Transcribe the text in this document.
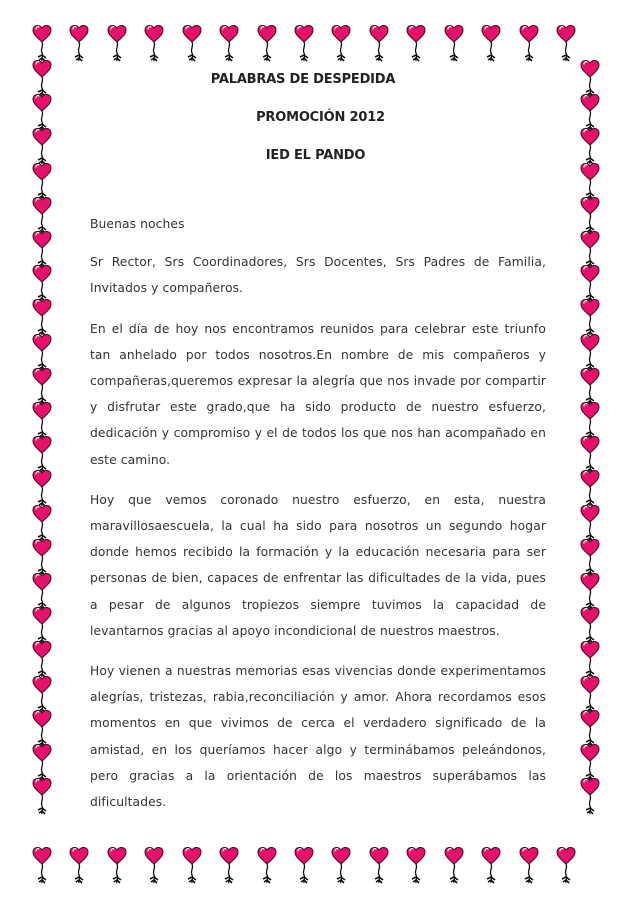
PALABRAS DE DESPEDIDA
PROMOCIÓN 2012
IED EL PANDO

Buenas noches

Sr Rector, Srs Coordinadores, Srs Docentes, Srs Padres de Familia, Invitados y compañeros.

En el día de hoy nos encontramos reunidos para celebrar este triunfo tan anhelado por todos nosotros.En nombre de mis compañeros y compañeras,queremos expresar la alegría que nos invade por compartir y disfrutar este grado,que ha sido producto de nuestro esfuerzo, dedicación y compromiso y el de todos los que nos han acompañado en este camino.

Hoy que vemos coronado nuestro esfuerzo, en esta, nuestra maravillosaescuela, la cual ha sido para nosotros un segundo hogar donde hemos recibido la formación y la educación necesaria para ser personas de bien, capaces de enfrentar las dificultades de la vida, pues a pesar de algunos tropiezos siempre tuvimos la capacidad de levantarnos gracias al apoyo incondicional de nuestros maestros.

Hoy vienen a nuestras memorias esas vivencias donde experimentamos alegrías, tristezas, rabia,reconciliación y amor. Ahora recordamos esos momentos en que vivimos de cerca el verdadero significado de la amistad, en los queríamos hacer algo y terminábamos peleándonos, pero gracias a la orientación de los maestros superábamos las dificultades.
